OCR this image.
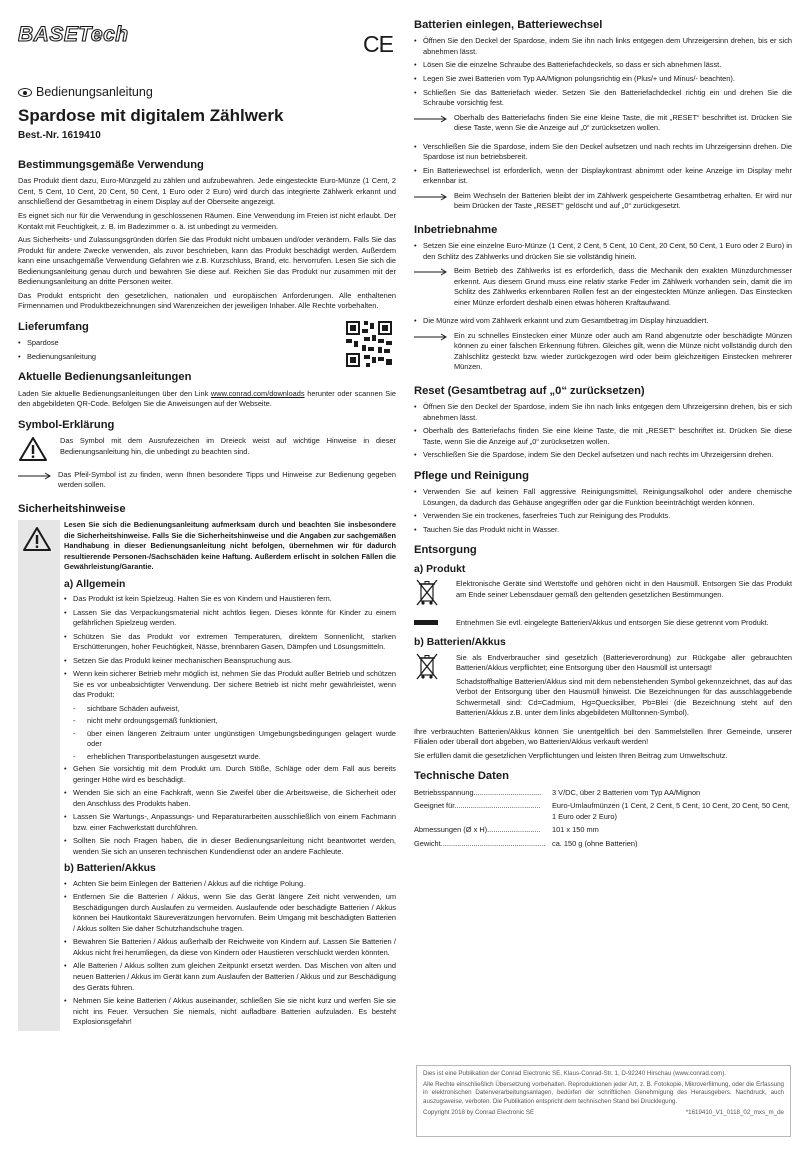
BASETech	CE
Bedienungsanleitung
Spardose mit digitalem Zählwerk
Best.-Nr. 1619410
Bestimmungsgemäße Verwendung

Das Produkt dient dazu, Euro-Münzgeld zu zählen und aufzubewahren. Jede eingesteckte Euro-Münze (1 Cent, 2 Cent, 5 Cent, 10 Cent, 20 Cent, 50 Cent, 1 Euro oder 2 Euro) wird durch das integrierte Zählwerk erkannt und anschließend der Gesamtbetrag in einem Display auf der Oberseite angezeigt.

Es eignet sich nur für die Verwendung in geschlossenen Räumen. Eine Verwendung im Freien ist nicht erlaubt. Der Kontakt mit Feuchtigkeit, z. B. im Badezimmer o. ä. ist unbedingt zu vermeiden.

Aus Sicherheits- und Zulassungsgründen dürfen Sie das Produkt nicht umbauen und/oder verändern. Falls Sie das Produkt für andere Zwecke verwenden, als zuvor beschrieben, kann das Produkt beschädigt werden. Außerdem kann eine unsachgemäße Verwendung Gefahren wie z.B. Kurzschluss, Brand, etc. hervorrufen. Lesen Sie sich die Bedienungsanleitung genau durch und bewahren Sie diese auf. Reichen Sie das Produkt nur zusammen mit der Bedienungsanleitung an dritte Personen weiter.

Das Produkt entspricht den gesetzlichen, nationalen und europäischen Anforderungen. Alle enthaltenen Firmennamen und Produktbezeichnungen sind Warenzeichen der jeweiligen Inhaber. Alle Rechte vorbehalten.

Lieferumfang
• Spardose
• Bedienungsanleitung
Aktuelle Bedienungsanleitungen

Laden Sie aktuelle Bedienungsanleitungen über den Link www.conrad.com/downloads herunter oder scannen Sie den abgebildeten QR-Code. Befolgen Sie die Anweisungen auf der Webseite.

Symbol-Erklärung

Das Symbol mit dem Ausrufezeichen im Dreieck weist auf wichtige Hinweise in dieser Bedienungsanleitung hin, die unbedingt zu beachten sind.

Das Pfeil-Symbol ist zu finden, wenn Ihnen besondere Tipps und Hinweise zur Bedienung gegeben werden sollen.

Sicherheitshinweise

Lesen Sie sich die Bedienungsanleitung aufmerksam durch und beachten Sie insbesondere die Sicherheitshinweise. Falls Sie die Sicherheitshinweise und die Angaben zur sachgemäßen Handhabung in dieser Bedienungsanleitung nicht befolgen, übernehmen wir für dadurch resultierende Personen-/Sachschäden keine Haftung. Außerdem erlischt in solchen Fällen die Gewährleistung/Garantie.

a) Allgemein
• Das Produkt ist kein Spielzeug. Halten Sie es von Kindern und Haustieren fern.
• Lassen Sie das Verpackungsmaterial nicht achtlos liegen. Dieses könnte für Kinder zu einem gefährlichen Spielzeug werden.
• Schützen Sie das Produkt vor extremen Temperaturen, direktem Sonnenlicht, starken Erschütterungen, hoher Feuchtigkeit, Nässe, brennbaren Gasen, Dämpfen und Lösungsmitteln.
• Setzen Sie das Produkt keiner mechanischen Beanspruchung aus.
• Wenn kein sicherer Betrieb mehr möglich ist, nehmen Sie das Produkt außer Betrieb und schützen Sie es vor unbeabsichtigter Verwendung. Der sichere Betrieb ist nicht mehr gewährleistet, wenn das Produkt:
- sichtbare Schäden aufweist,
- nicht mehr ordnungsgemäß funktioniert,
- über einen längeren Zeitraum unter ungünstigen Umgebungsbedingungen gelagert wurde oder
- erheblichen Transportbelastungen ausgesetzt wurde.
• Gehen Sie vorsichtig mit dem Produkt um. Durch Stöße, Schläge oder dem Fall aus bereits geringer Höhe wird es beschädigt.
• Wenden Sie sich an eine Fachkraft, wenn Sie Zweifel über die Arbeitsweise, die Sicherheit oder den Anschluss des Produkts haben.
• Lassen Sie Wartungs-, Anpassungs- und Reparaturarbeiten ausschließlich von einem Fachmann bzw. einer Fachwerkstatt durchführen.
• Sollten Sie noch Fragen haben, die in dieser Bedienungsanleitung nicht beantwortet werden, wenden Sie sich an unseren technischen Kundendienst oder an andere Fachleute.
b) Batterien/Akkus
• Achten Sie beim Einlegen der Batterien / Akkus auf die richtige Polung.
• Entfernen Sie die Batterien / Akkus, wenn Sie das Gerät längere Zeit nicht verwenden, um Beschädigungen durch Auslaufen zu vermeiden. Auslaufende oder beschädigte Batterien / Akkus können bei Hautkontakt Säureverätzungen hervorrufen. Beim Umgang mit beschädigten Batterien / Akkus sollten Sie daher Schutzhandschuhe tragen.
• Bewahren Sie Batterien / Akkus außerhalb der Reichweite von Kindern auf. Lassen Sie Batterien / Akkus nicht frei herumliegen, da diese von Kindern oder Haustieren verschluckt werden könnten.
• Alle Batterien / Akkus sollten zum gleichen Zeitpunkt ersetzt werden. Das Mischen von alten und neuen Batterien / Akkus im Gerät kann zum Auslaufen der Batterien / Akkus und zur Beschädigung des Geräts führen.
• Nehmen Sie keine Batterien / Akkus auseinander, schließen Sie sie nicht kurz und werfen Sie sie nicht ins Feuer. Versuchen Sie niemals, nicht aufladbare Batterien aufzuladen. Es besteht Explosionsgefahr!
Batterien einlegen, Batteriewechsel
• Öffnen Sie den Deckel der Spardose, indem Sie ihn nach links entgegen dem Uhrzeigersinn drehen, bis er sich abnehmen lässt.
• Lösen Sie die einzelne Schraube des Batteriefachdeckels, so dass er sich abnehmen lässt.
• Legen Sie zwei Batterien vom Typ AA/Mignon polungsrichtig ein (Plus/+ und Minus/- beachten).
• Schließen Sie das Batteriefach wieder. Setzen Sie den Batteriefachdeckel richtig ein und drehen Sie die Schraube vorsichtig fest.

Oberhalb des Batteriefachs finden Sie eine kleine Taste, die mit „RESET“ beschriftet ist. Drücken Sie diese Taste, wenn Sie die Anzeige auf „0“ zurücksetzen wollen.

• Verschließen Sie die Spardose, indem Sie den Deckel aufsetzen und nach rechts im Uhrzeigersinn drehen. Die Spardose ist nun betriebsbereit.
• Ein Batteriewechsel ist erforderlich, wenn der Displaykontrast abnimmt oder keine Anzeige im Display mehr erkennbar ist.

Beim Wechseln der Batterien bleibt der im Zählwerk gespeicherte Gesamtbetrag erhalten. Er wird nur beim Drücken der Taste „RESET“ gelöscht und auf „0“ zurückgesetzt.

Inbetriebnahme
• Setzen Sie eine einzelne Euro-Münze (1 Cent, 2 Cent, 5 Cent, 10 Cent, 20 Cent, 50 Cent, 1 Euro oder 2 Euro) in den Schlitz des Zählwerks und drücken Sie sie vollständig hinein.

Beim Betrieb des Zählwerks ist es erforderlich, dass die Mechanik den exakten Münzdurchmesser erkennt. Aus diesem Grund muss eine relativ starke Feder im Zählwerk vorhanden sein, damit die im Schlitz des Zählwerks erkennbaren Rollen fest an der eingesteckten Münze anliegen. Das Einstecken einer Münze erfordert deshalb einen etwas höheren Kraftaufwand.

• Die Münze wird vom Zählwerk erkannt und zum Gesamtbetrag im Display hinzuaddiert.

Ein zu schnelles Einstecken einer Münze oder auch am Rand abgenutzte oder beschädigte Münzen können zu einer falschen Erkennung führen. Gleiches gilt, wenn die Münze nicht vollständig durch den Zählschlitz gesteckt bzw. wieder zurückgezogen wird oder beim gleichzeitigen Einstecken mehrerer Münzen.

Reset (Gesamtbetrag auf „0“ zurücksetzen)
• Öffnen Sie den Deckel der Spardose, indem Sie ihn nach links entgegen dem Uhrzeigersinn drehen, bis er sich abnehmen lässt.
• Oberhalb des Batteriefachs finden Sie eine kleine Taste, die mit „RESET“ beschriftet ist. Drücken Sie diese Taste, wenn Sie die Anzeige auf „0“ zurücksetzen wollen.
• Verschließen Sie die Spardose, indem Sie den Deckel aufsetzen und nach rechts im Uhrzeigersinn drehen.
Pflege und Reinigung
• Verwenden Sie auf keinen Fall aggressive Reinigungsmittel, Reinigungsalkohol oder andere chemische Lösungen, da dadurch das Gehäuse angegriffen oder gar die Funktion beeinträchtigt werden können.
• Verwenden Sie ein trockenes, faserfreies Tuch zur Reinigung des Produkts.
• Tauchen Sie das Produkt nicht in Wasser.
Entsorgung
a) Produkt

Elektronische Geräte sind Wertstoffe und gehören nicht in den Hausmüll. Entsorgen Sie das Produkt am Ende seiner Lebensdauer gemäß den geltenden gesetzlichen Bestimmungen.

Entnehmen Sie evtl. eingelegte Batterien/Akkus und entsorgen Sie diese getrennt vom Produkt.

b) Batterien/Akkus

Sie als Endverbraucher sind gesetzlich (Batterieverordnung) zur Rückgabe aller gebrauchten Batterien/Akkus verpflichtet; eine Entsorgung über den Hausmüll ist untersagt!

Schadstoffhaltige Batterien/Akkus sind mit dem nebenstehenden Symbol gekennzeichnet, das auf das Verbot der Entsorgung über den Hausmüll hinweist. Die Bezeichnungen für das ausschlaggebende Schwermetall sind: Cd=Cadmium, Hg=Quecksilber, Pb=Blei (die Bezeichnung steht auf den Batterien/Akkus z.B. unter dem links abgebildeten Mülltonnen-Symbol).

Ihre verbrauchten Batterien/Akkus können Sie unentgeltlich bei den Sammelstellen Ihrer Gemeinde, unserer Filialen oder überall dort abgeben, wo Batterien/Akkus verkauft werden!

Sie erfüllen damit die gesetzlichen Verpflichtungen und leisten Ihren Beitrag zum Umweltschutz.

Technische Daten
Betriebsspannung.................................	3 V/DC, über 2 Batterien vom Typ AA/Mignon
Geeignet für..........................................	Euro-Umlaufmünzen (1 Cent, 2 Cent, 5 Cent, 10 Cent, 20 Cent, 50 Cent, 1 Euro oder 2 Euro)
Abmessungen (Ø x H)..........................	101 x 150 mm
Gewicht................................................... ca. 150 g (ohne Batterien)

Dies ist eine Publikation der Conrad Electronic SE, Klaus-Conrad-Str. 1, D-92240 Hirschau (www.conrad.com).

Alle Rechte einschließlich Übersetzung vorbehalten. Reproduktionen jeder Art, z. B. Fotokopie, Mikroverfilmung, oder die Erfassung in elektronischen Datenverarbeitungsanlagen, bedürfen der schriftlichen Genehmigung des Herausgebers. Nachdruck, auch auszugsweise, verboten. Die Publikation entspricht dem technischen Stand bei Drucklegung.

Copyright 2018 by Conrad Electronic SE	*1619410_V1_0118_02_mxs_m_de
